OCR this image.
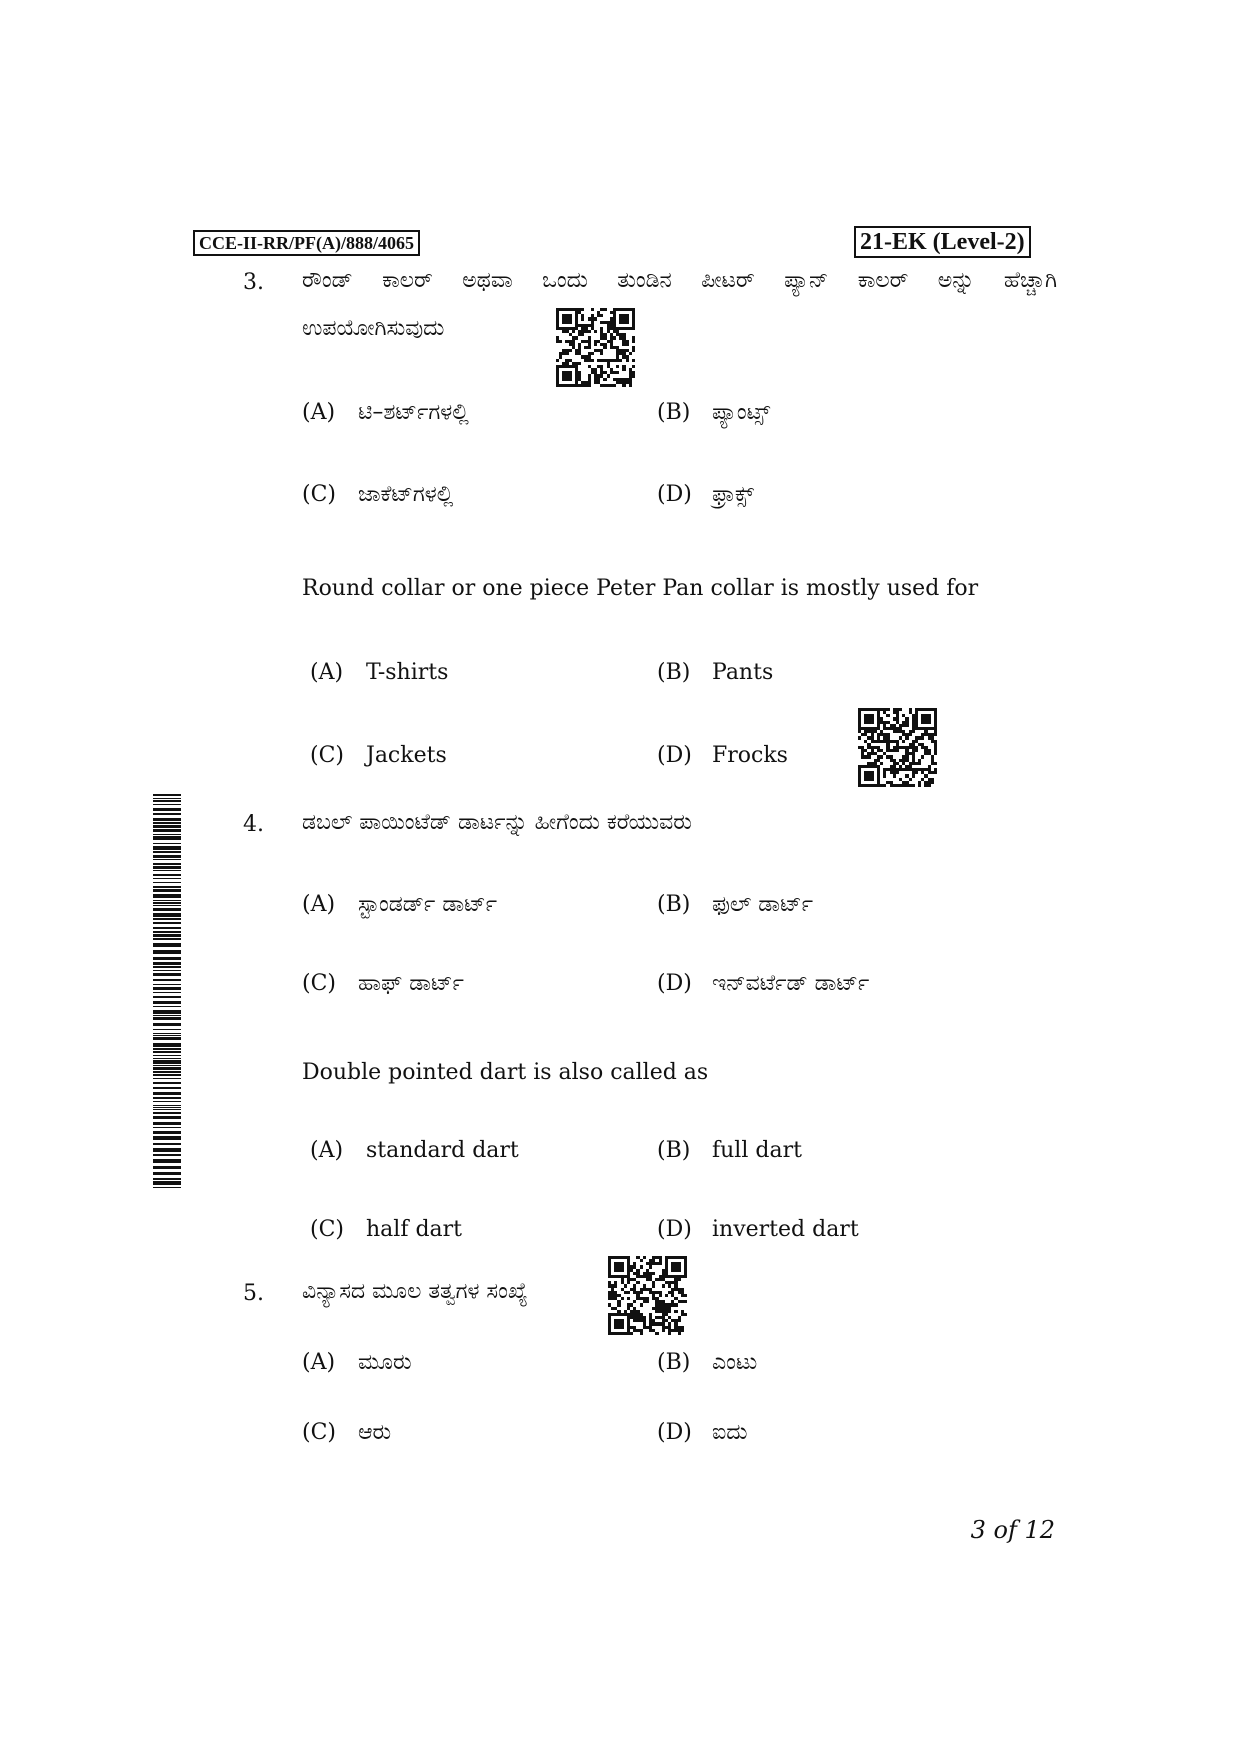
CCE-II-RR/PF(A)/888/4065	21-EK (Level-2)
3. ರೌಂಡ್ ಕಾಲರ್ ಅಥವಾ ಒಂದು ತುಂಡಿನ ಪೀಟರ್ ಪ್ಯಾನ್ ಕಾಲರ್ ಅನ್ನು ಹೆಚ್ಚಾಗಿ
ಉಪಯೋಗಿಸುವುದು
(A) ಟಿ–ಶರ್ಟ್‌ಗಳಲ್ಲಿ	(B) ಪ್ಯಾಂಟ್ಸ್
(C) ಜಾಕೆಟ್‌ಗಳಲ್ಲಿ	(D) ಫ್ರಾಕ್ಸ್
Round collar or one piece Peter Pan collar is mostly used for
(A) T-shirts	(B) Pants
(C) Jackets	(D) Frocks
4. ಡಬಲ್ ಪಾಯಿಂಟೆಡ್ ಡಾರ್ಟನ್ನು ಹೀಗೆಂದು ಕರೆಯುವರು
(A) ಸ್ಟಾಂಡರ್ಡ್ ಡಾರ್ಟ್	(B) ಫುಲ್ ಡಾರ್ಟ್
(C) ಹಾಫ್ ಡಾರ್ಟ್	(D) ಇನ್‌ವರ್ಟೆಡ್ ಡಾರ್ಟ್
Double pointed dart is also called as
(A) standard dart	(B) full dart
(C) half dart	(D) inverted dart
5. ವಿನ್ಯಾಸದ ಮೂಲ ತತ್ವಗಳ ಸಂಖ್ಯೆ
(A) ಮೂರು	(B) ಎಂಟು
(C) ಆರು	(D) ಐದು
3 of 12
